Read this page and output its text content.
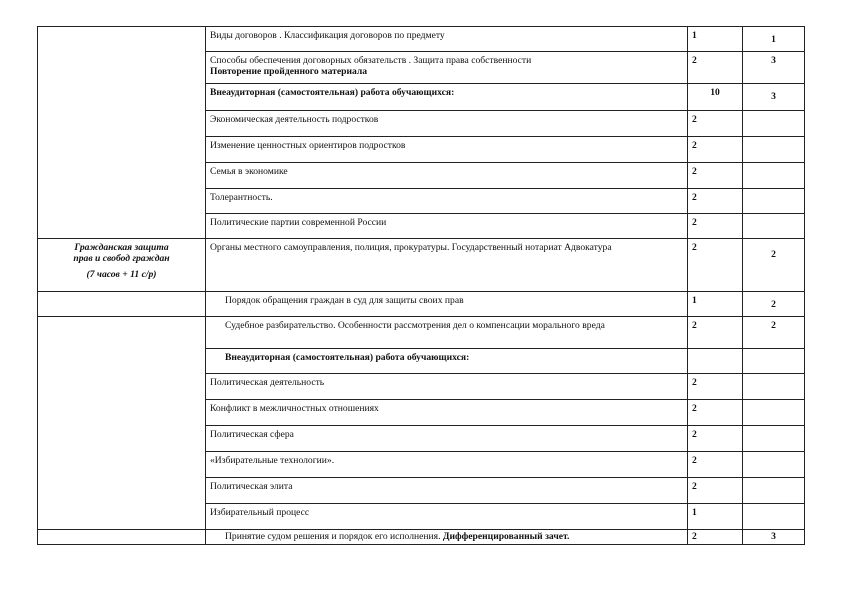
	Виды договоров . Классификация договоров по предмету	1	1

	Способы обеспечения договорных обязательств . Защита права собственности
Повторение пройденного материала	2	3
	Внеаудиторная (самостоятельная) работа обучающихся:	10	3
	Экономическая деятельность подростков	2	
	Изменение ценностных ориентиров подростков	2	
	Семья в экономике	2	
	Толерантность.	2	
	Политические партии современной России	2	

Гражданская защита
прав и свобод граждан
(7 часов + 11 с/р)	Органы местного самоуправления, полиция, прокуратуры. Государственный нотариат Адвокатура	2	2
	Порядок обращения граждан в суд для защиты своих прав	1	2
	Судебное разбирательство. Особенности рассмотрения дел о компенсации морального вреда	2	2
	Внеаудиторная (самостоятельная) работа обучающихся:		
	Политическая деятельность	2	
	Конфликт в межличностных отношениях	2	
	Политическая сфера	2	
	«Избирательные технологии».	2	
	Политическая элита	2	
	Избирательный процесс	1	
	Принятие судом решения и порядок его исполнения. Дифференцированный зачет.	2	3
